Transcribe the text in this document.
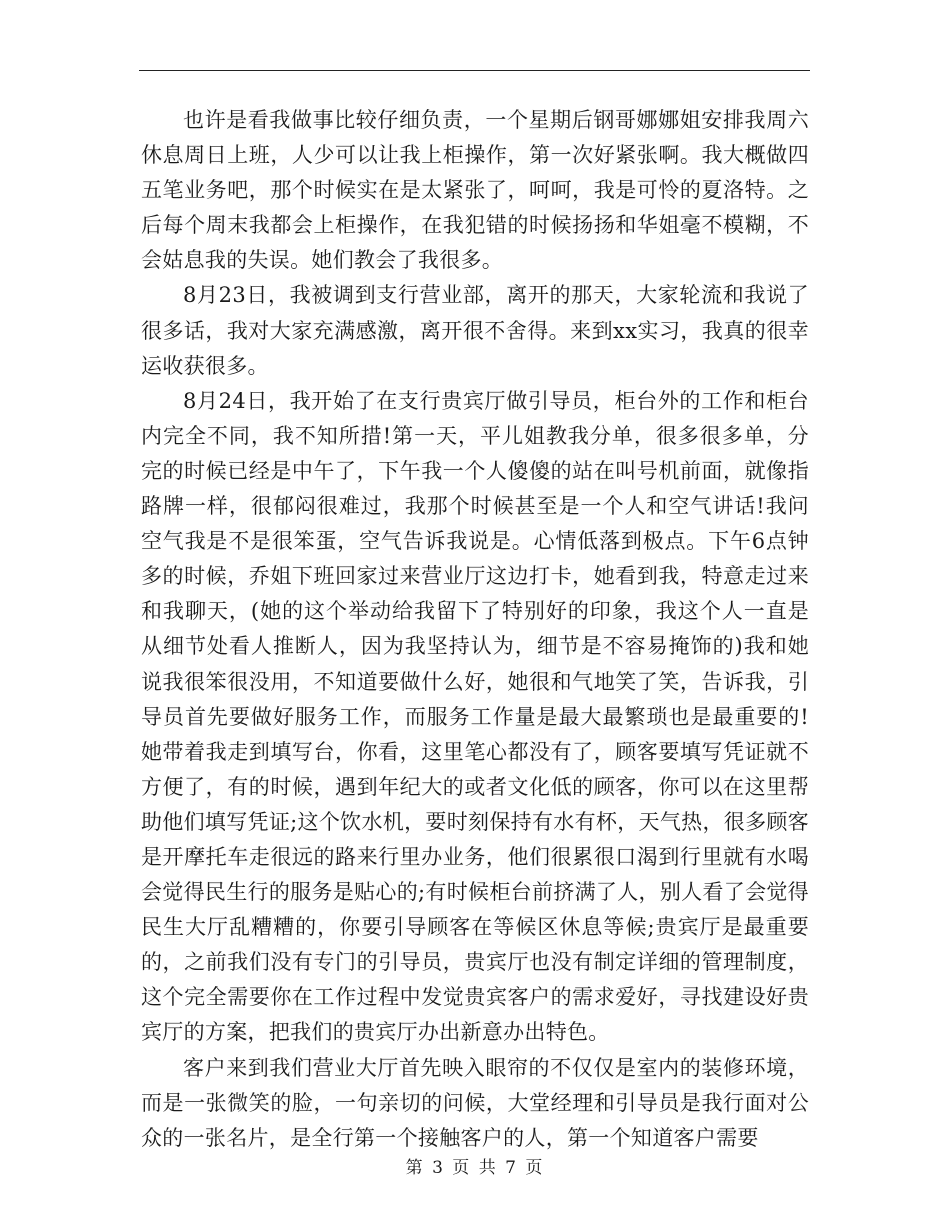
也许是看我做事比较仔细负责，一个星期后钢哥娜娜姐安排我周六休息周日上班，人少可以让我上柜操作，第一次好紧张啊。我大概做四五笔业务吧，那个时候实在是太紧张了，呵呵，我是可怜的夏洛特。之后每个周末我都会上柜操作，在我犯错的时候扬扬和华姐毫不模糊，不会姑息我的失误。她们教会了我很多。

8月23日，我被调到支行营业部，离开的那天，大家轮流和我说了很多话，我对大家充满感激，离开很不舍得。来到xx实习，我真的很幸运收获很多。

8月24日，我开始了在支行贵宾厅做引导员，柜台外的工作和柜台内完全不同，我不知所措!第一天，平儿姐教我分单，很多很多单，分完的时候已经是中午了，下午我一个人傻傻的站在叫号机前面，就像指路牌一样，很郁闷很难过，我那个时候甚至是一个人和空气讲话!我问空气我是不是很笨蛋，空气告诉我说是。心情低落到极点。下午6点钟多的时候，乔姐下班回家过来营业厅这边打卡，她看到我，特意走过来和我聊天，(她的这个举动给我留下了特别好的印象，我这个人一直是从细节处看人推断人，因为我坚持认为，细节是不容易掩饰的)我和她说我很笨很没用，不知道要做什么好，她很和气地笑了笑，告诉我，引导员首先要做好服务工作，而服务工作量是最大最繁琐也是最重要的!她带着我走到填写台，你看，这里笔心都没有了，顾客要填写凭证就不方便了，有的时候，遇到年纪大的或者文化低的顾客，你可以在这里帮助他们填写凭证;这个饮水机，要时刻保持有水有杯，天气热，很多顾客是开摩托车走很远的路来行里办业务，他们很累很口渴到行里就有水喝会觉得民生行的服务是贴心的;有时候柜台前挤满了人，别人看了会觉得民生大厅乱糟糟的，你要引导顾客在等候区休息等候;贵宾厅是最重要的，之前我们没有专门的引导员，贵宾厅也没有制定详细的管理制度，这个完全需要你在工作过程中发觉贵宾客户的需求爱好，寻找建设好贵宾厅的方案，把我们的贵宾厅办出新意办出特色。

客户来到我们营业大厅首先映入眼帘的不仅仅是室内的装修环境，而是一张微笑的脸，一句亲切的问候，大堂经理和引导员是我行面对公众的一张名片，是全行第一个接触客户的人，第一个知道客户需要

第 3 页 共 7 页
